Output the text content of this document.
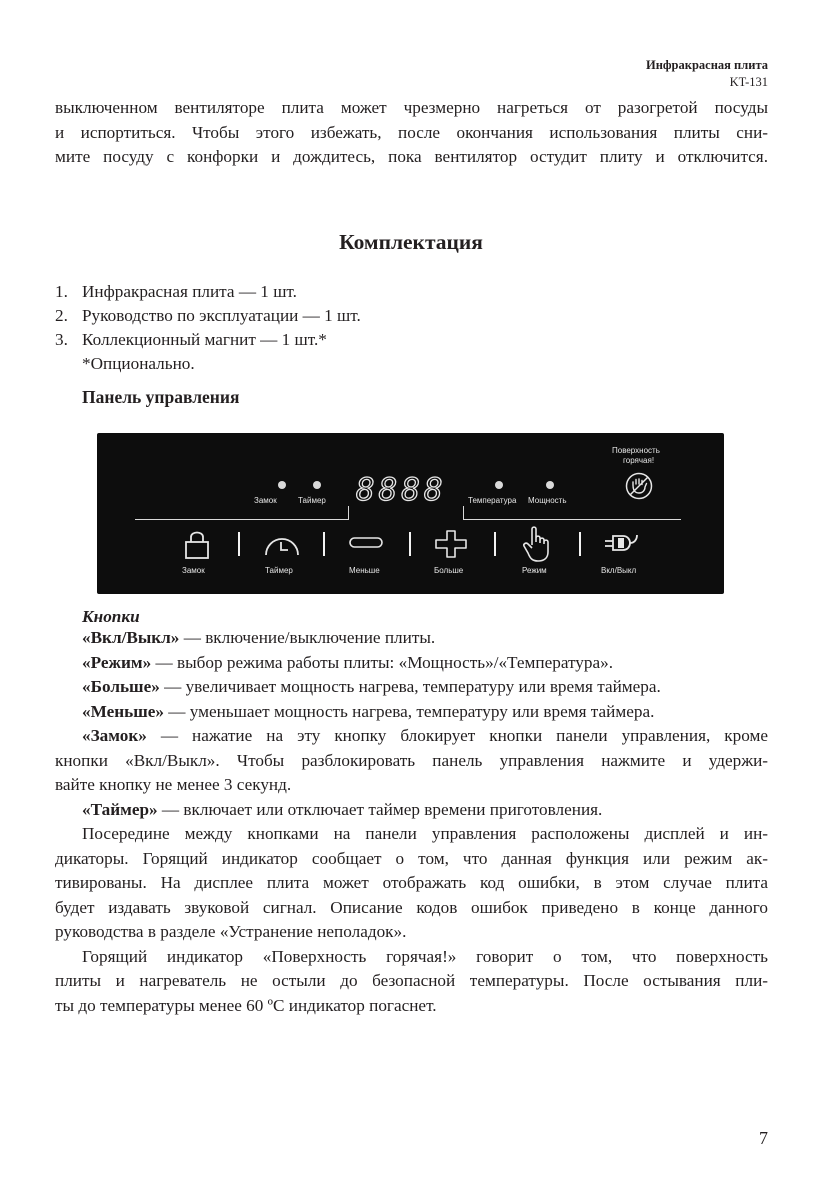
Инфракрасная плита
KT-131
выключенном вентиляторе плита может чрезмерно нагреться от разогретой посуды
и испортиться. Чтобы этого избежать, после окончания использования плиты сни-
мите посуду с конфорки и дождитесь, пока вентилятор остудит плиту и отключится.
Комплектация
1. Инфракрасная плита — 1 шт.
2. Руководство по эксплуатации — 1 шт.
3. Коллекционный магнит — 1 шт.*
*Опционально.
Панель управления
Поверхность
горячая!
Замок	Таймер	Температура Мощность
8888
Замок	Таймер	Меньше	Больше	Режим	Вкл/Выкл
Кнопки
«Вкл/Выкл» — включение/выключение плиты.
«Режим» — выбор режима работы плиты: «Мощность»/«Температура».
«Больше» — увеличивает мощность нагрева, температуру или время таймера.
«Меньше» — уменьшает мощность нагрева, температуру или время таймера.
«Замок» — нажатие на эту кнопку блокирует кнопки панели управления, кроме
кнопки «Вкл/Выкл». Чтобы разблокировать панель управления нажмите и удержи-
вайте кнопку не менее 3 секунд.
«Таймер» — включает или отключает таймер времени приготовления.
Посередине между кнопками на панели управления расположены дисплей и ин-
дикаторы. Горящий индикатор сообщает о том, что данная функция или режим ак-
тивированы. На дисплее плита может отображать код ошибки, в этом случае плита
будет издавать звуковой сигнал. Описание кодов ошибок приведено в конце данного
руководства в разделе «Устранение неполадок».
Горящий индикатор «Поверхность горячая!» говорит о том, что поверхность
плиты и нагреватель не остыли до безопасной температуры. После остывания пли-
ты до температуры менее 60 ºС индикатор погаснет.
7
